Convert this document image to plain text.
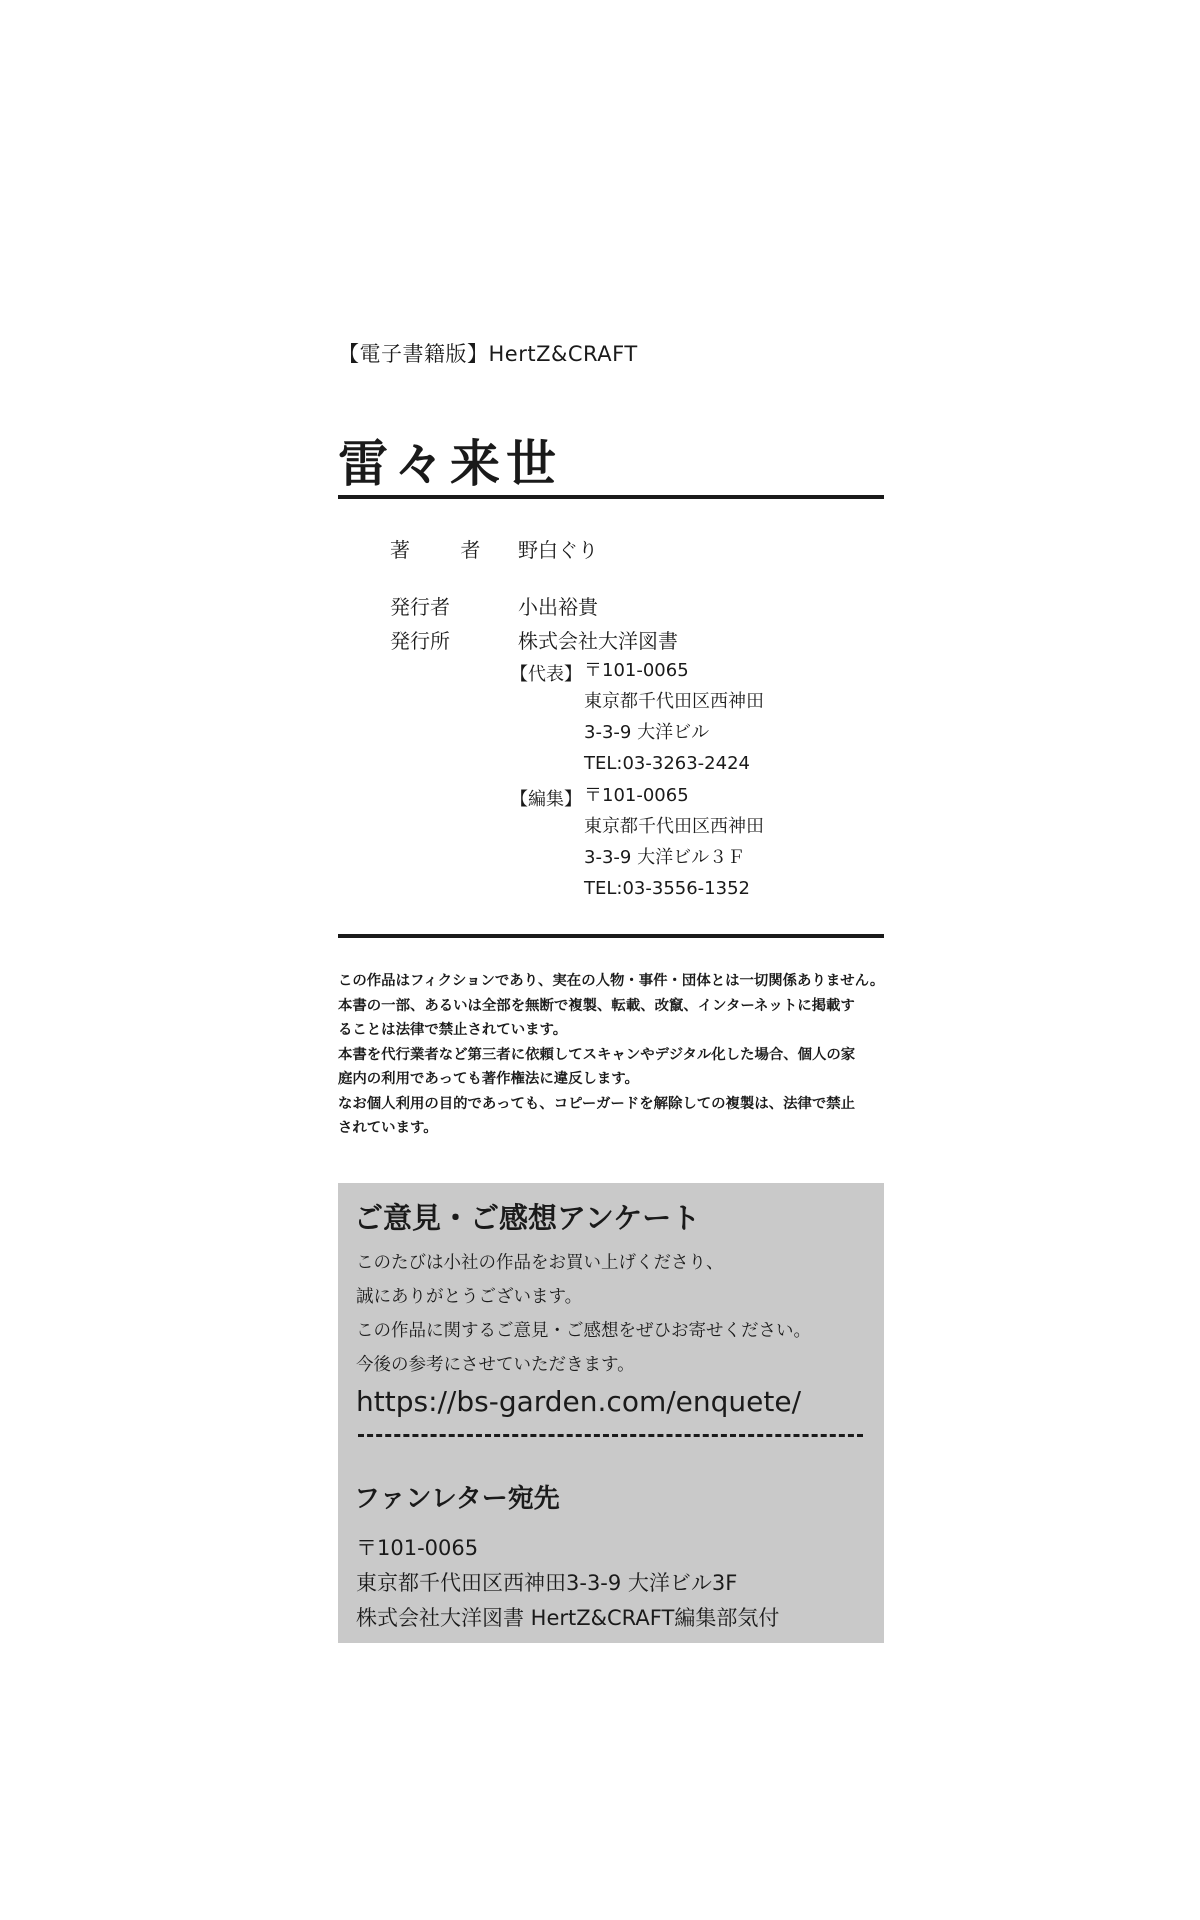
【電子書籍版】HertZ&CRAFT
雷々来世
著 者 野白ぐり
発行者	小出裕貴
発行所	株式会社大洋図書
【代表】 〒101-0065
東京都千代田区西神田
3-3-9 大洋ビル
TEL:03-3263-2424
【編集】 〒101-0065
東京都千代田区西神田
3-3-9 大洋ビル３Ｆ
TEL:03-3556-1352
この作品はフィクションであり、実在の人物・事件・団体とは一切関係ありません。
本書の一部、あるいは全部を無断で複製、転載、改竄、インターネットに掲載す
ることは法律で禁止されています。
本書を代行業者など第三者に依頼してスキャンやデジタル化した場合、個人の家
庭内の利用であっても著作権法に違反します。
なお個人利用の目的であっても、コピーガードを解除しての複製は、法律で禁止
されています。
ご意見・ご感想アンケート
このたびは小社の作品をお買い上げくださり、
誠にありがとうございます。
この作品に関するご意見・ご感想をぜひお寄せください。
今後の参考にさせていただきます。
https://bs-garden.com/enquete/
ファンレター宛先
〒101-0065
東京都千代田区西神田3-3-9 大洋ビル3F
株式会社大洋図書 HertZ&CRAFT編集部気付
